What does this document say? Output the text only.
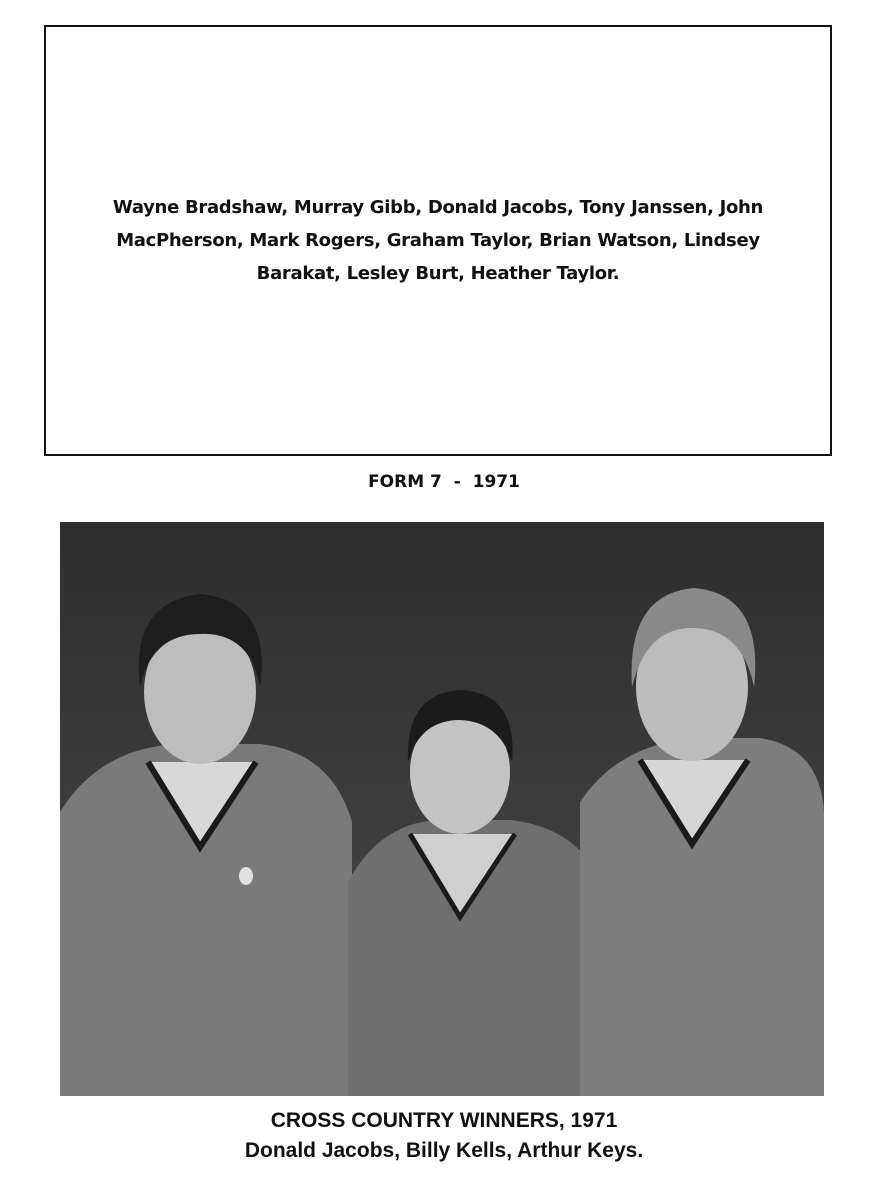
Wayne Bradshaw, Murray Gibb, Donald Jacobs, Tony Janssen, John MacPherson, Mark Rogers, Graham Taylor, Brian Watson, Lindsey Barakat, Lesley Burt, Heather Taylor.
FORM 7  -  1971
CROSS COUNTRY WINNERS, 1971
Donald Jacobs, Billy Kells, Arthur Keys.
